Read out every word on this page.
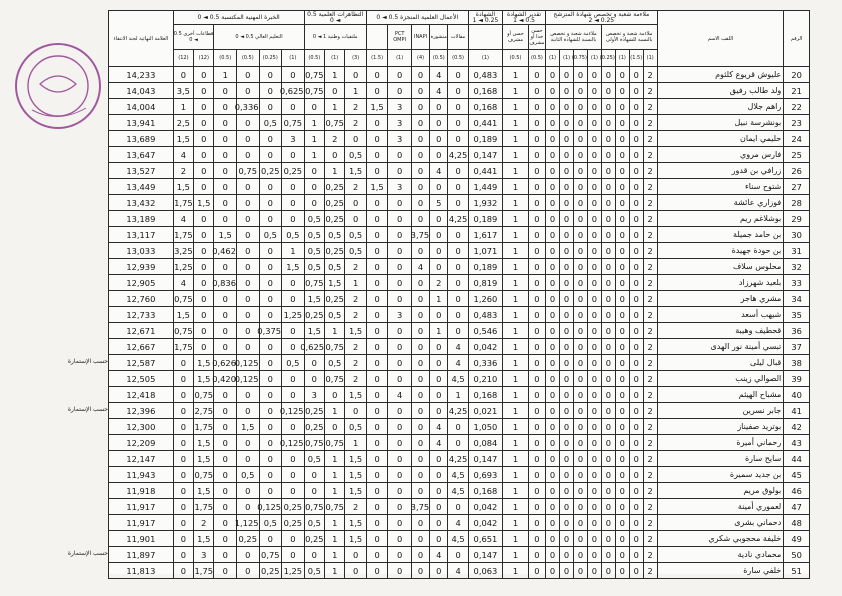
الرقم	اللقب الاسم	ملاءمة شعبة و تخصص شهادة المترشح 0.25 ◄ 2								تقدير الشهادة 0.5 ◄ 1		الشهادة 0.25 ◄ 1	الأعمال العلمية المنجزة 0.5 ◄ 0					التظاهرات العلمية 0.5 ◄ 0			الخبرة المهنية المكتسبة 0.5 ◄ 0						العلامة النهائية لجنة الانتقاء
		ملاءمة شعبة و تخصص بالنسبة للشهادة الأولى				ملاءمة شعبة و تخصص بالنسبة للشهادة الثانية				حسن جدا أو مشرف	حسن أو مشرف		مقالات	منشورة	INAPI	PCT OMPI		ملتقيات وطنية 1 ◄ 0			التعليم العالي 0.5 ◄ 0				قطاعات أخرى 0.5 ◄ 0		
		(1)	(1.5)	(1)	(0.25)	(1)	(0.75)	(1)	(1)	(0.5)	(0.5)	(1)	(0.5)	(0.5)	(4)	(1)	(1.5)	(3)	(1)	(0.5)	(1)	(0.25)	(0.5)	(0.5)	(12)	(12)	
20	عليوش قريوع كلثوم	2	0	0	0	0	0	0	0	0	1	0,483	0	4	0	0	0	0	1	0,75	0	0	0	1	0	0	14,233
21	ولد طالب رفيق	2	0	0	0	0	0	0	0	0	1	0,168	0	4	0	0	0	1	0	0,75	0,625	0	0	0	0	3,5	14,043
22	راهم جلال	2	0	0	0	0	0	0	0	0	1	0,168	0	0	0	3	1,5	2	1	0	0	0	0,336	0	0	1	14,004
23	بونشرسة نبيل	2	0	0	0	0	0	0	0	0	1	0,441	0	0	0	3	0	2	0,75	1	0,75	0,5	0	0	0	2,5	13,941
24	حليمي ايمان	2	0	0	0	0	0	0	0	0	1	0,189	0	0	0	3	0	0	2	1	3	0	0	0	0	1,5	13,689
25	فارس مروي	2	0	0	0	0	0	0	0	0	1	0,147	4,25	0	0	0	0	0,5	0	1	0	0	0	0	0	4	13,647
26	زرافي بن قدور	2	0	0	0	0	0	0	0	0	1	0,441	0	4	0	0	0	1,5	1	0	0,25	0,25	0,75	0	0	2	13,527
27	شتوح سناء	2	0	0	0	0	0	0	0	0	1	1,449	0	0	0	3	1,5	2	0,25	0	0	0	0	0	0	1,5	13,449
28	فوزاري عائشة	2	0	0	0	0	0	0	0	0	1	1,932	0	5	0	0	0	0	0,25	0	0	0	0	0	1,5	1,75	13,432
29	بوشلاغم ريم	2	0	0	0	0	0	0	0	0	1	0,189	4,25	0	0	0	0	0	0,25	0,5	0	0	0	0	0	4	13,189
30	بن حامد جميلة	2	0	0	0	0	0	0	0	0	1	1,617	0	0	3,75	0	0	0,5	0,5	0,5	0,5	0,5	0	1,5	0	1,75	13,117
31	بن حودة جهيدة	2	0	0	0	0	0	0	0	0	1	1,071	0	0	0	0	0	0,5	0,25	0,5	1	0	0	0,462	0	3,25	13,033
32	محلوس سلاف	2	0	0	0	0	0	0	0	0	1	0,189	0	0	4	0	0	2	0,5	0,5	1,5	0	0	0	0	1,25	12,939
33	بلعيد شهرزاد	2	0	0	0	0	0	0	0	0	1	0,819	0	2	0	0	0	1	1,5	0,75	0	0	0	0,836	0	4	12,905
34	مشري هاجر	2	0	0	0	0	0	0	0	0	1	1,260	0	1	0	0	0	2	0,25	1,5	0	0	0	0	0	0,75	12,760
35	شيهب أسعد	2	0	0	0	0	0	0	0	0	1	0,483	0	0	0	3	0	2	0,5	0,25	1,25	0	0	0	0	1,5	12,733
36	قحطيف وهيبة	2	0	0	0	0	0	0	0	0	1	0,546	0	1	0	0	0	1,5	1	1,5	0	0,375	0	0	0	0,75	12,671
37	تبسي أمينة نور الهدى	2	0	0	0	0	0	0	0	0	1	0,042	4	0	0	0	0	2	0,75	0,625	0	0	0	0	0	1,75	12,667
38	قبال ليلى	2	0	0	0	0	0	0	0	0	1	0,336	4	0	0	0	0	2	0,5	0	0,5	0	0,125	0,626	1,5	0	12,587
39	الصوالي زينب	2	0	0	0	0	0	0	0	0	1	0,210	4,5	0	0	0	0	2	0,75	0	0	0	0,125	0,420	1,5	0	12,505
40	مشباح الهيثم	2	0	0	0	0	0	0	0	0	1	0,168	1	0	0	4	0	1,5	0	3	0	0	0	0	0,75	0	12,418
41	جابر نسرين	2	0	0	0	0	0	0	0	0	1	0,021	4,25	0	0	0	0	0	1	0,25	0,125	0	0	0	2,75	0	12,396
42	بوتريد صفيناز	2	0	0	0	0	0	0	0	0	1	1,050	0	4	0	0	0	0,5	0	0,25	0	0	1,5	0	1,75	0	12,300
43	رحماني أميرة	2	0	0	0	0	0	0	0	0	1	0,084	0	4	0	0	0	1	0,75	0,75	0,125	0	0	0	1,5	0	12,209
44	سايح سارة	2	0	0	0	0	0	0	0	0	1	0,147	4,25	0	0	0	0	1,5	1	0,5	0	0	0	0	1,5	0	12,147
45	بن جديد سميرة	2	0	0	0	0	0	0	0	0	1	0,693	4,5	0	0	0	0	1,5	1	0	0	0	0,5	0	0,75	0	11,943
46	بولوق مريم	2	0	0	0	0	0	0	0	0	1	0,168	4,5	0	0	0	0	1,5	1	0	0	0	0	0	1,5	0	11,918
47	لعموري أمينة	2	0	0	0	0	0	0	0	0	1	0,042	0	0	3,75	0	0	2	0,75	0,75	0,25	0,125	0	0	1,75	0	11,917
48	دحماني بشرى	2	0	0	0	0	0	0	0	0	1	0,042	4	0	0	0	0	1,5	1	0,5	0,25	0,5	1,125	0	2	0	11,917
49	خليفة محجوبي شكري	2	0	0	0	0	0	0	0	0	1	0,651	4,5	0	0	0	0	1,5	1	0,25	0	0	0,25	0	1,5	0	11,901
50	محمادي نادية	2	0	0	0	0	0	0	0	0	1	0,147	0	4	0	0	0	0	1	0	0	0,75	0	0	3	0	11,897
51	خلفي سارة	2	0	0	0	0	0	0	0	0	1	0,063	4	0	0	0	0	0	1	0,5	1,25	0,25	0	0	1,75	0	11,813
حسب الإستمارة
حسب الإستمارة
حسب الإستمارة
